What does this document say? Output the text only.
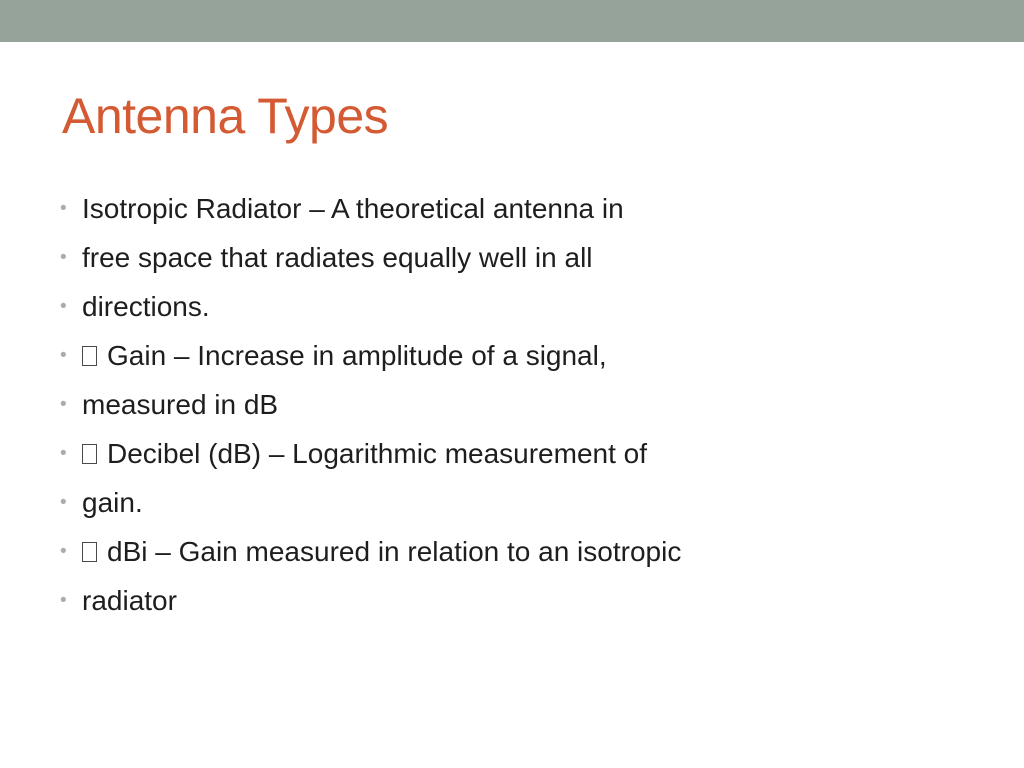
Antenna Types
• Isotropic Radiator – A theoretical antenna in
• free space that radiates equally well in all
• directions.
• Gain – Increase in amplitude of a signal,
• measured in dB
• Decibel (dB) – Logarithmic measurement of
• gain.
• dBi – Gain measured in relation to an isotropic
• radiator
